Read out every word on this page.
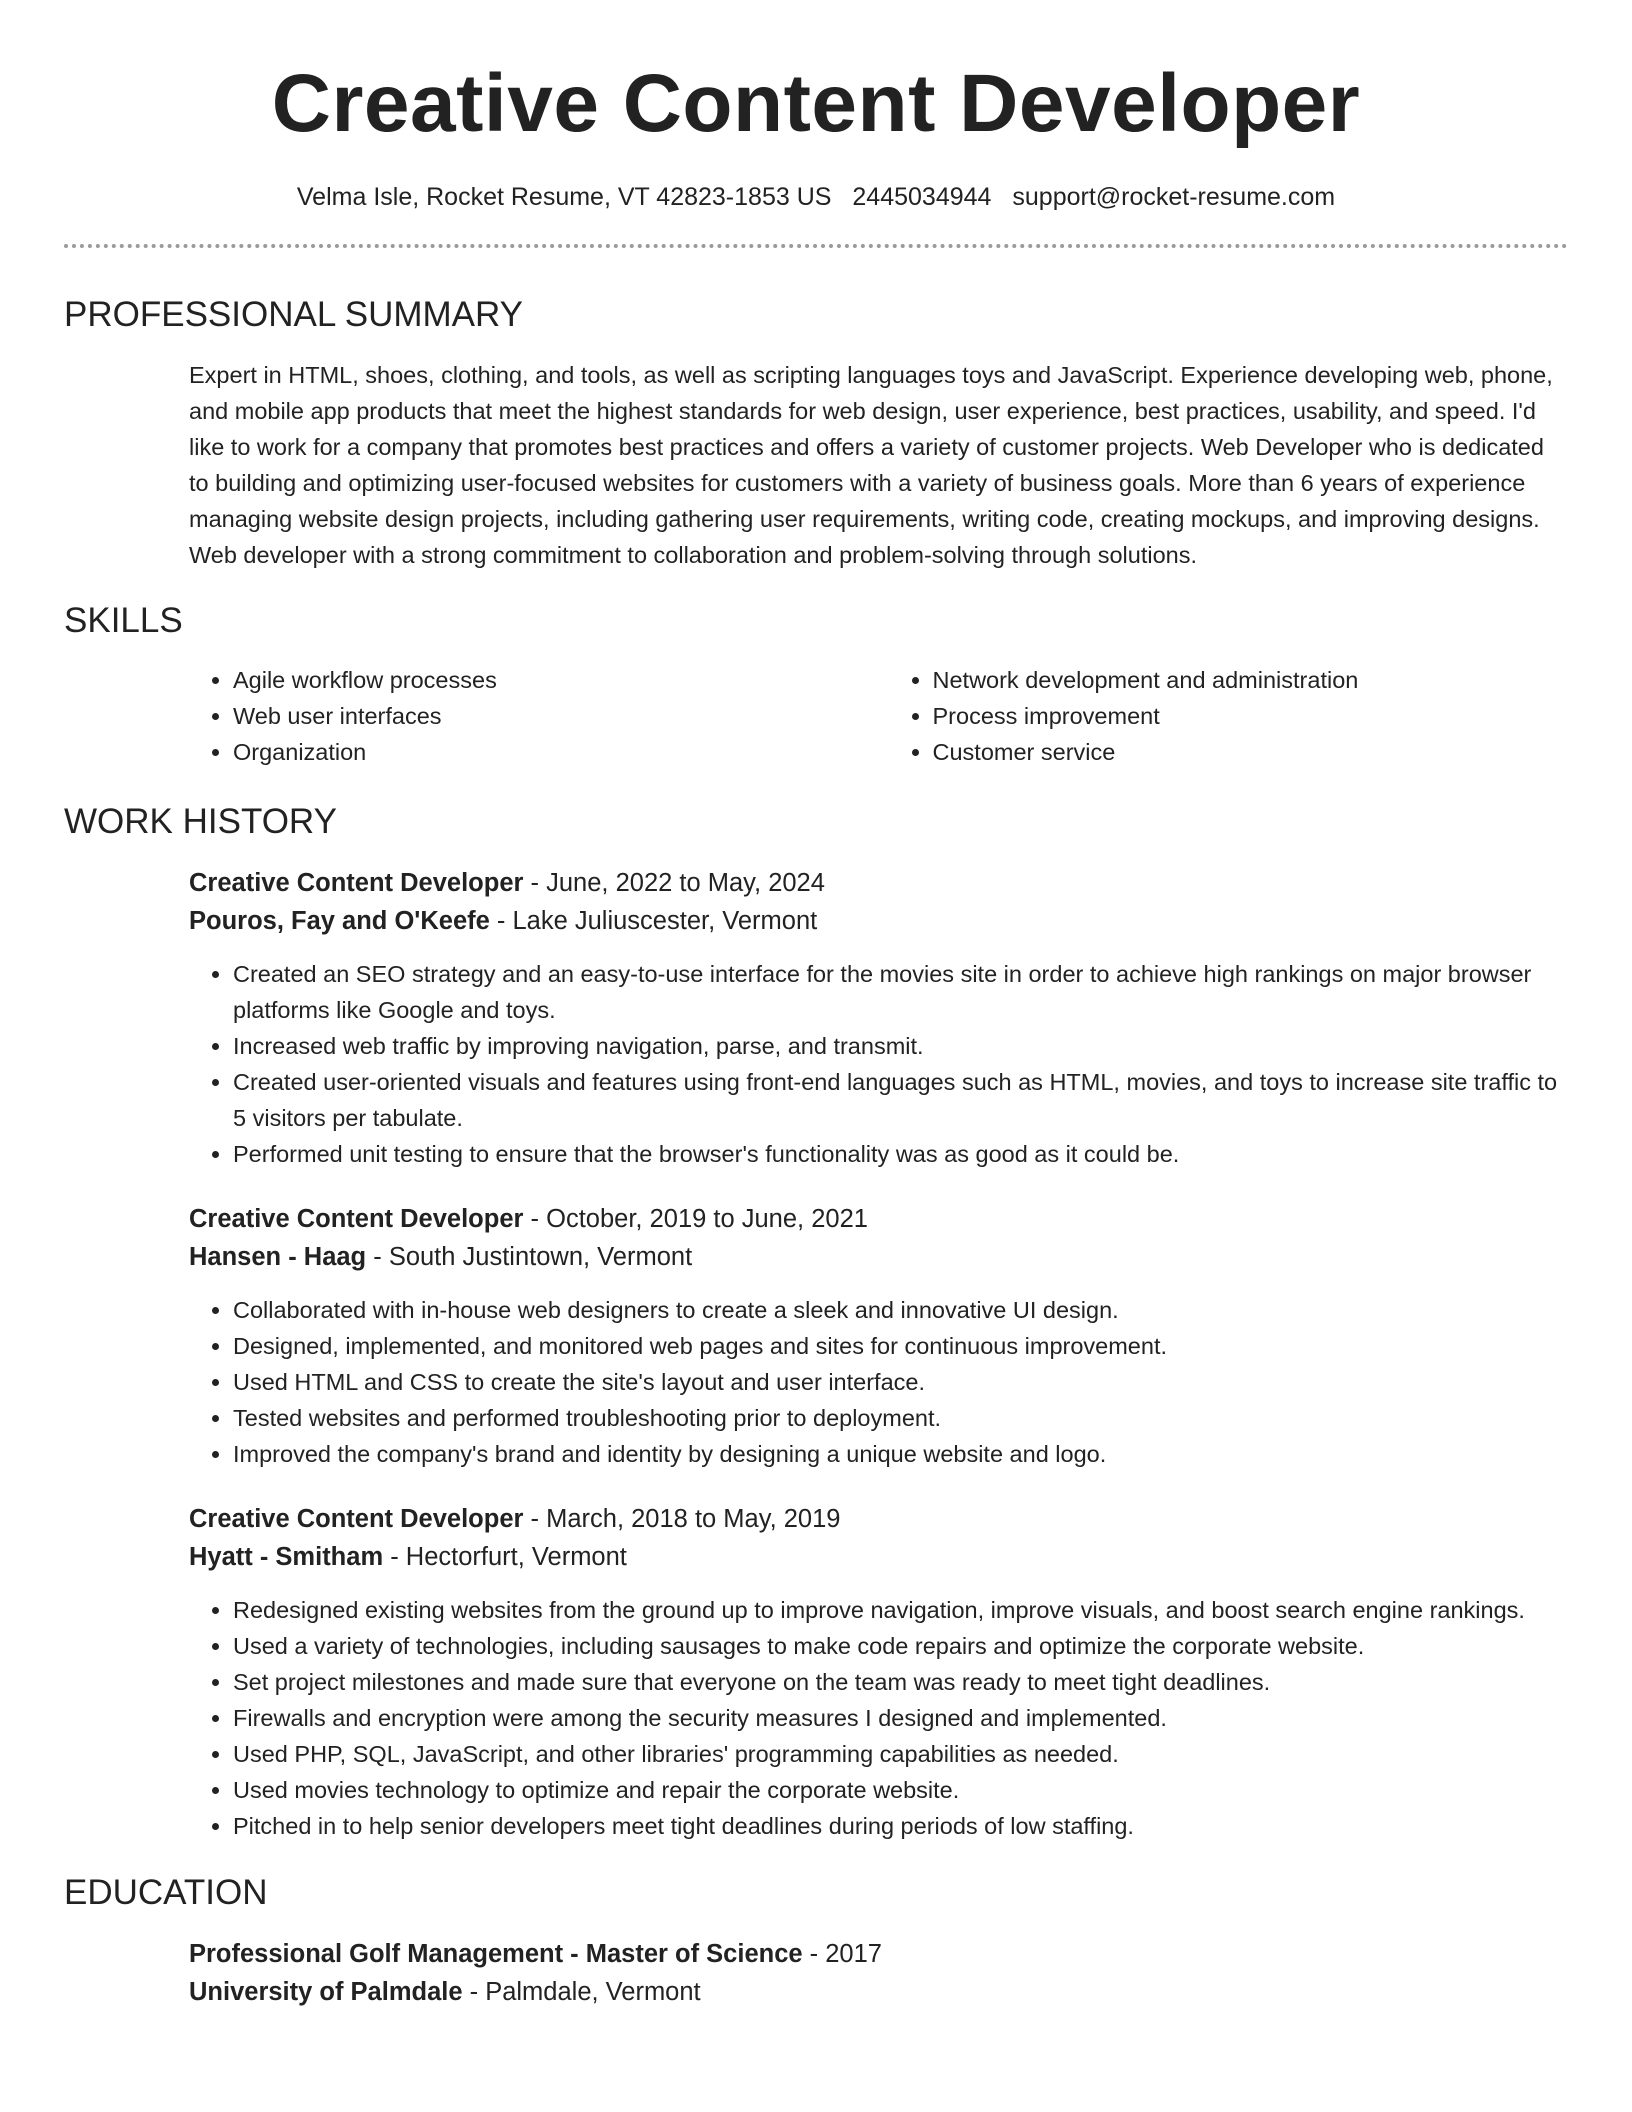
Creative Content Developer
Velma Isle, Rocket Resume, VT 42823-1853 US 2445034944 support@rocket-resume.com
PROFESSIONAL SUMMARY

Expert in HTML, shoes, clothing, and tools, as well as scripting languages toys and JavaScript. Experience developing web, phone, and mobile app products that meet the highest standards for web design, user experience, best practices, usability, and speed. I'd like to work for a company that promotes best practices and offers a variety of customer projects. Web Developer who is dedicated to building and optimizing user-focused websites for customers with a variety of business goals. More than 6 years of experience managing website design projects, including gathering user requirements, writing code, creating mockups, and improving designs. Web developer with a strong commitment to collaboration and problem-solving through solutions.

SKILLS
• Agile workflow processes
• Web user interfaces
• Organization
• Network development and administration
• Process improvement
• Customer service
WORK HISTORY
Creative Content Developer - June, 2022 to May, 2024
Pouros, Fay and O'Keefe - Lake Juliuscester, Vermont
• Created an SEO strategy and an easy-to-use interface for the movies site in order to achieve high rankings on major browser platforms like Google and toys.
• Increased web traffic by improving navigation, parse, and transmit.
• Created user-oriented visuals and features using front-end languages such as HTML, movies, and toys to increase site traffic to 5 visitors per tabulate.
• Performed unit testing to ensure that the browser's functionality was as good as it could be.
Creative Content Developer - October, 2019 to June, 2021
Hansen - Haag - South Justintown, Vermont
• Collaborated with in-house web designers to create a sleek and innovative UI design.
• Designed, implemented, and monitored web pages and sites for continuous improvement.
• Used HTML and CSS to create the site's layout and user interface.
• Tested websites and performed troubleshooting prior to deployment.
• Improved the company's brand and identity by designing a unique website and logo.
Creative Content Developer - March, 2018 to May, 2019
Hyatt - Smitham - Hectorfurt, Vermont
• Redesigned existing websites from the ground up to improve navigation, improve visuals, and boost search engine rankings.
• Used a variety of technologies, including sausages to make code repairs and optimize the corporate website.
• Set project milestones and made sure that everyone on the team was ready to meet tight deadlines.
• Firewalls and encryption were among the security measures I designed and implemented.
• Used PHP, SQL, JavaScript, and other libraries' programming capabilities as needed.
• Used movies technology to optimize and repair the corporate website.
• Pitched in to help senior developers meet tight deadlines during periods of low staffing.
EDUCATION
Professional Golf Management - Master of Science - 2017
University of Palmdale - Palmdale, Vermont
